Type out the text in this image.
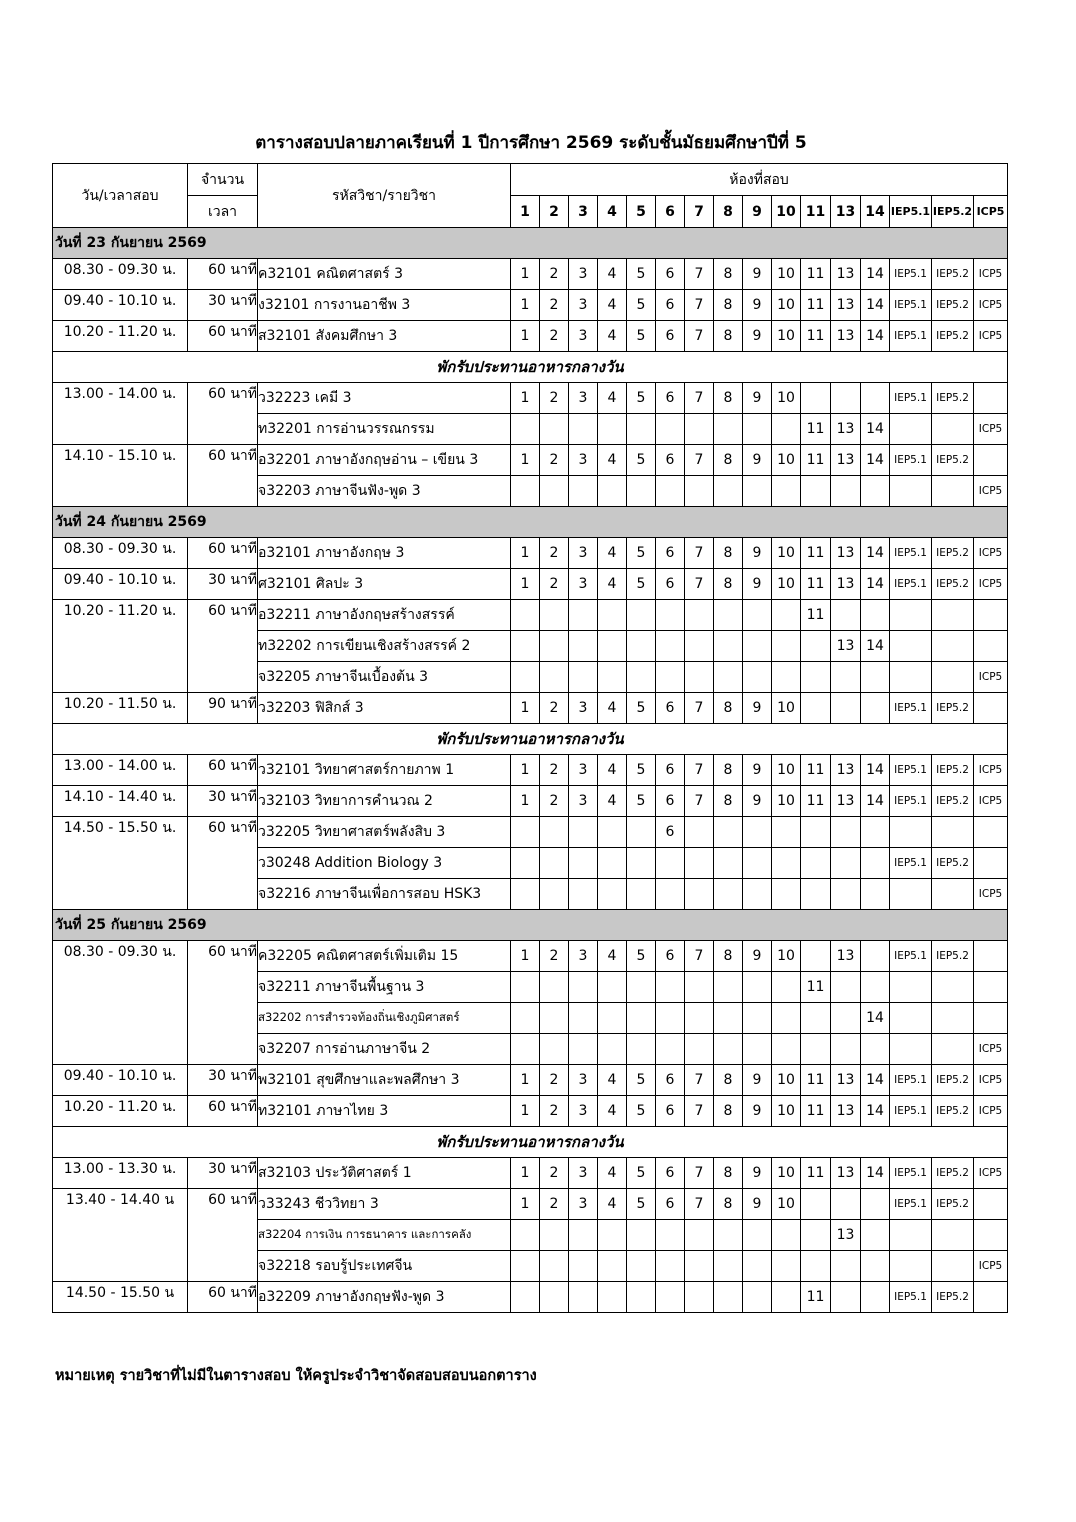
ตารางสอบปลายภาคเรียนที่ 1 ปีการศึกษา 2569 ระดับชั้นมัธยมศึกษาปีที่ 5
วัน/เวลาสอบ	จำนวน	รหัสวิชา/รายวิชา	ห้องที่สอบ															
	เวลา		1	2	3	4	5	6	7	8	9	10	11	13	14	IEP5.1	IEP5.2	ICP5
วันที่ 23 กันยายน 2569																		
08.30 - 09.30 น.	60 นาที	ค32101 คณิตศาสตร์ 3	1	2	3	4	5	6	7	8	9	10	11	13	14	IEP5.1	IEP5.2	ICP5
09.40 - 10.10 น.	30 นาที	ง32101 การงานอาชีพ 3	1	2	3	4	5	6	7	8	9	10	11	13	14	IEP5.1	IEP5.2	ICP5
10.20 - 11.20 น.	60 นาที	ส32101 สังคมศึกษา 3	1	2	3	4	5	6	7	8	9	10	11	13	14	IEP5.1	IEP5.2	ICP5
พักรับประทานอาหารกลางวัน																		
13.00 - 14.00 น.	60 นาที	ว32223 เคมี 3	1	2	3	4	5	6	7	8	9	10				IEP5.1	IEP5.2	
		ท32201 การอ่านวรรณกรรม											11	13	14			ICP5
14.10 - 15.10 น.	60 นาที	อ32201 ภาษาอังกฤษอ่าน – เขียน 3	1	2	3	4	5	6	7	8	9	10	11	13	14	IEP5.1	IEP5.2	
		จ32203 ภาษาจีนฟัง-พูด 3																ICP5
วันที่ 24 กันยายน 2569																		
08.30 - 09.30 น.	60 นาที	อ32101 ภาษาอังกฤษ 3	1	2	3	4	5	6	7	8	9	10	11	13	14	IEP5.1	IEP5.2	ICP5
09.40 - 10.10 น.	30 นาที	ศ32101 ศิลปะ 3	1	2	3	4	5	6	7	8	9	10	11	13	14	IEP5.1	IEP5.2	ICP5
10.20 - 11.20 น.	60 นาที	อ32211 ภาษาอังกฤษสร้างสรรค์											11					
		ท32202 การเขียนเชิงสร้างสรรค์ 2												13	14			
		จ32205 ภาษาจีนเบื้องต้น 3																ICP5
10.20 - 11.50 น.	90 นาที	ว32203 ฟิสิกส์ 3	1	2	3	4	5	6	7	8	9	10				IEP5.1	IEP5.2	
พักรับประทานอาหารกลางวัน																		
13.00 - 14.00 น.	60 นาที	ว32101 วิทยาศาสตร์กายภาพ 1	1	2	3	4	5	6	7	8	9	10	11	13	14	IEP5.1	IEP5.2	ICP5
14.10 - 14.40 น.	30 นาที	ว32103 วิทยาการคำนวณ 2	1	2	3	4	5	6	7	8	9	10	11	13	14	IEP5.1	IEP5.2	ICP5
14.50 - 15.50 น.	60 นาที	ว32205 วิทยาศาสตร์พลังสิบ 3						6										
		ว30248 Addition Biology 3														IEP5.1	IEP5.2	
		จ32216 ภาษาจีนเพื่อการสอบ HSK3																ICP5
วันที่ 25 กันยายน 2569																		
08.30 - 09.30 น.	60 นาที	ค32205 คณิตศาสตร์เพิ่มเติม 15	1	2	3	4	5	6	7	8	9	10		13		IEP5.1	IEP5.2	
		จ32211 ภาษาจีนพื้นฐาน 3											11					
		ส32202 การสำรวจท้องถิ่นเชิงภูมิศาสตร์													14			
		จ32207 การอ่านภาษาจีน 2																ICP5
09.40 - 10.10 น.	30 นาที	พ32101 สุขศึกษาและพลศึกษา 3	1	2	3	4	5	6	7	8	9	10	11	13	14	IEP5.1	IEP5.2	ICP5
10.20 - 11.20 น.	60 นาที	ท32101 ภาษาไทย 3	1	2	3	4	5	6	7	8	9	10	11	13	14	IEP5.1	IEP5.2	ICP5
พักรับประทานอาหารกลางวัน																		
13.00 - 13.30 น.	30 นาที	ส32103 ประวัติศาสตร์ 1	1	2	3	4	5	6	7	8	9	10	11	13	14	IEP5.1	IEP5.2	ICP5
13.40 - 14.40 น	60 นาที	ว33243 ชีววิทยา 3	1	2	3	4	5	6	7	8	9	10				IEP5.1	IEP5.2	
		ส32204 การเงิน การธนาคาร และการคลัง												13				
		จ32218 รอบรู้ประเทศจีน																ICP5
14.50 - 15.50 น	60 นาที	อ32209 ภาษาอังกฤษฟัง-พูด 3											11			IEP5.1	IEP5.2	
หมายเหตุ รายวิชาที่ไม่มีในตารางสอบ ให้ครูประจำวิชาจัดสอบสอบนอกตาราง
